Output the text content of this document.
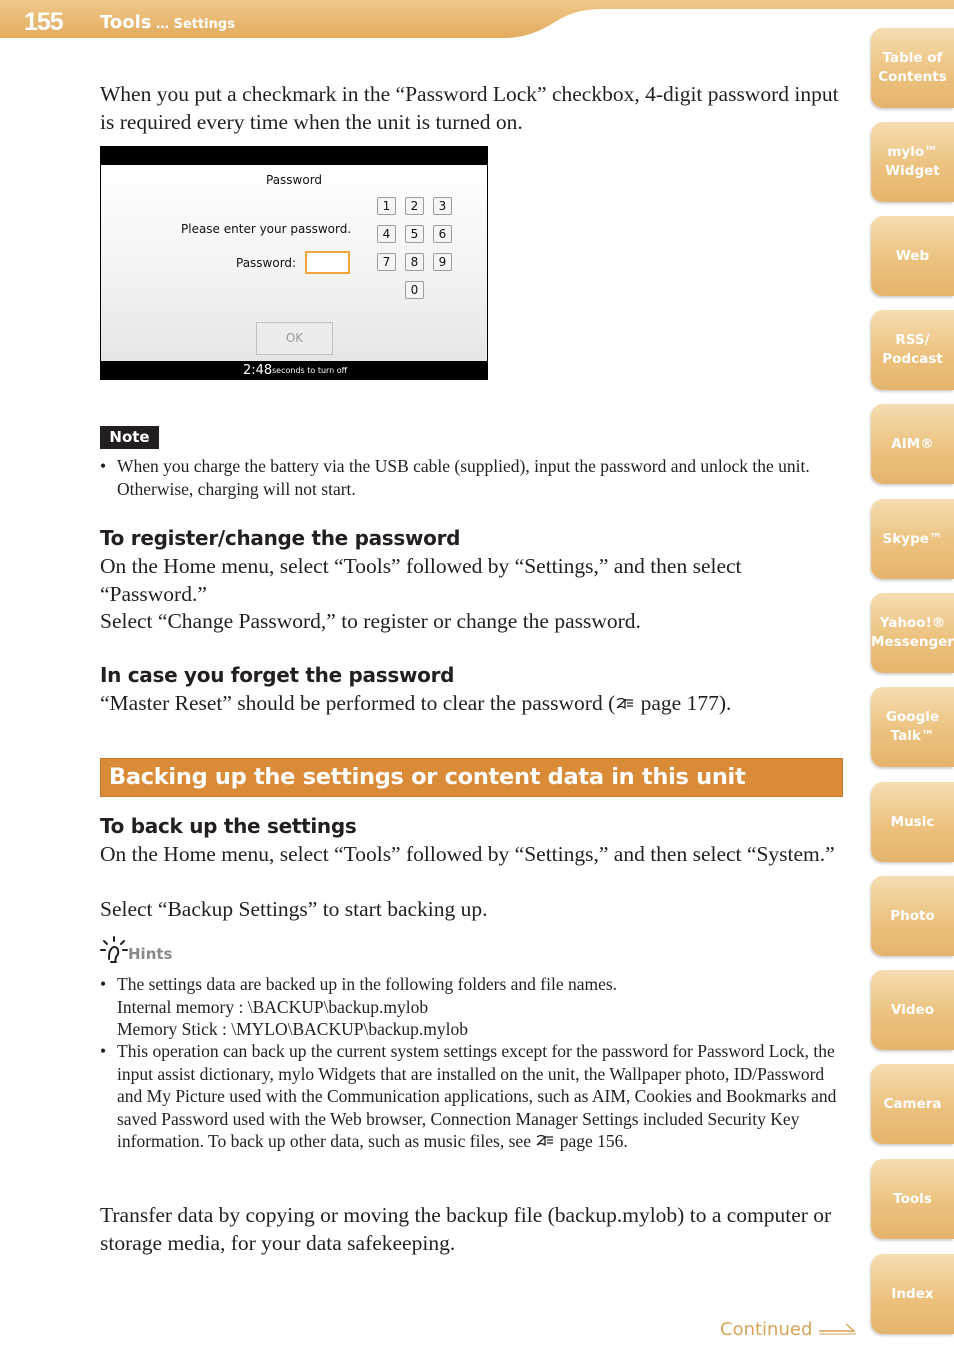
155 Tools … Settings
Table of
Contents
mylo™
Widget
Web
RSS/
Podcast
AIM®
Skype™
Yahoo!®
Messenger
Google
Talk™
Music
Photo
Video
Camera
Tools
Index
When you put a checkmark in the “Password Lock” checkbox, 4-digit password input is required every time when the unit is turned on.
Password
Please enter your password.
Password:
1	2	3
4	5	6
7	8	9
0
OK
2:48 seconds to turn off
Note
• When you charge the battery via the USB cable (supplied), input the password and unlock the unit. Otherwise, charging will not start.
To register/change the password
On the Home menu, select “Tools” followed by “Settings,” and then select “Password.”
Select “Change Password,” to register or change the password.
In case you forget the password
“Master Reset” should be performed to clear the password ( page 177).
Backing up the settings or content data in this unit
To back up the settings
On the Home menu, select “Tools” followed by “Settings,” and then select “System.”
Select “Backup Settings” to start backing up.
Hints
• The settings data are backed up in the following folders and file names.
Internal memory : \BACKUP\backup.mylob
Memory Stick : \MYLO\BACKUP\backup.mylob
• This operation can back up the current system settings except for the password for Password Lock, the input assist dictionary, mylo Widgets that are installed on the unit, the Wallpaper photo, ID/Password and My Picture used with the Communication applications, such as AIM, Cookies and Bookmarks and saved Password used with the Web browser, Connection Manager Settings included Security Key information. To back up other data, such as music files, see  page 156.
Transfer data by copying or moving the backup file (backup.mylob) to a computer or storage media, for your data safekeeping.
Continued
